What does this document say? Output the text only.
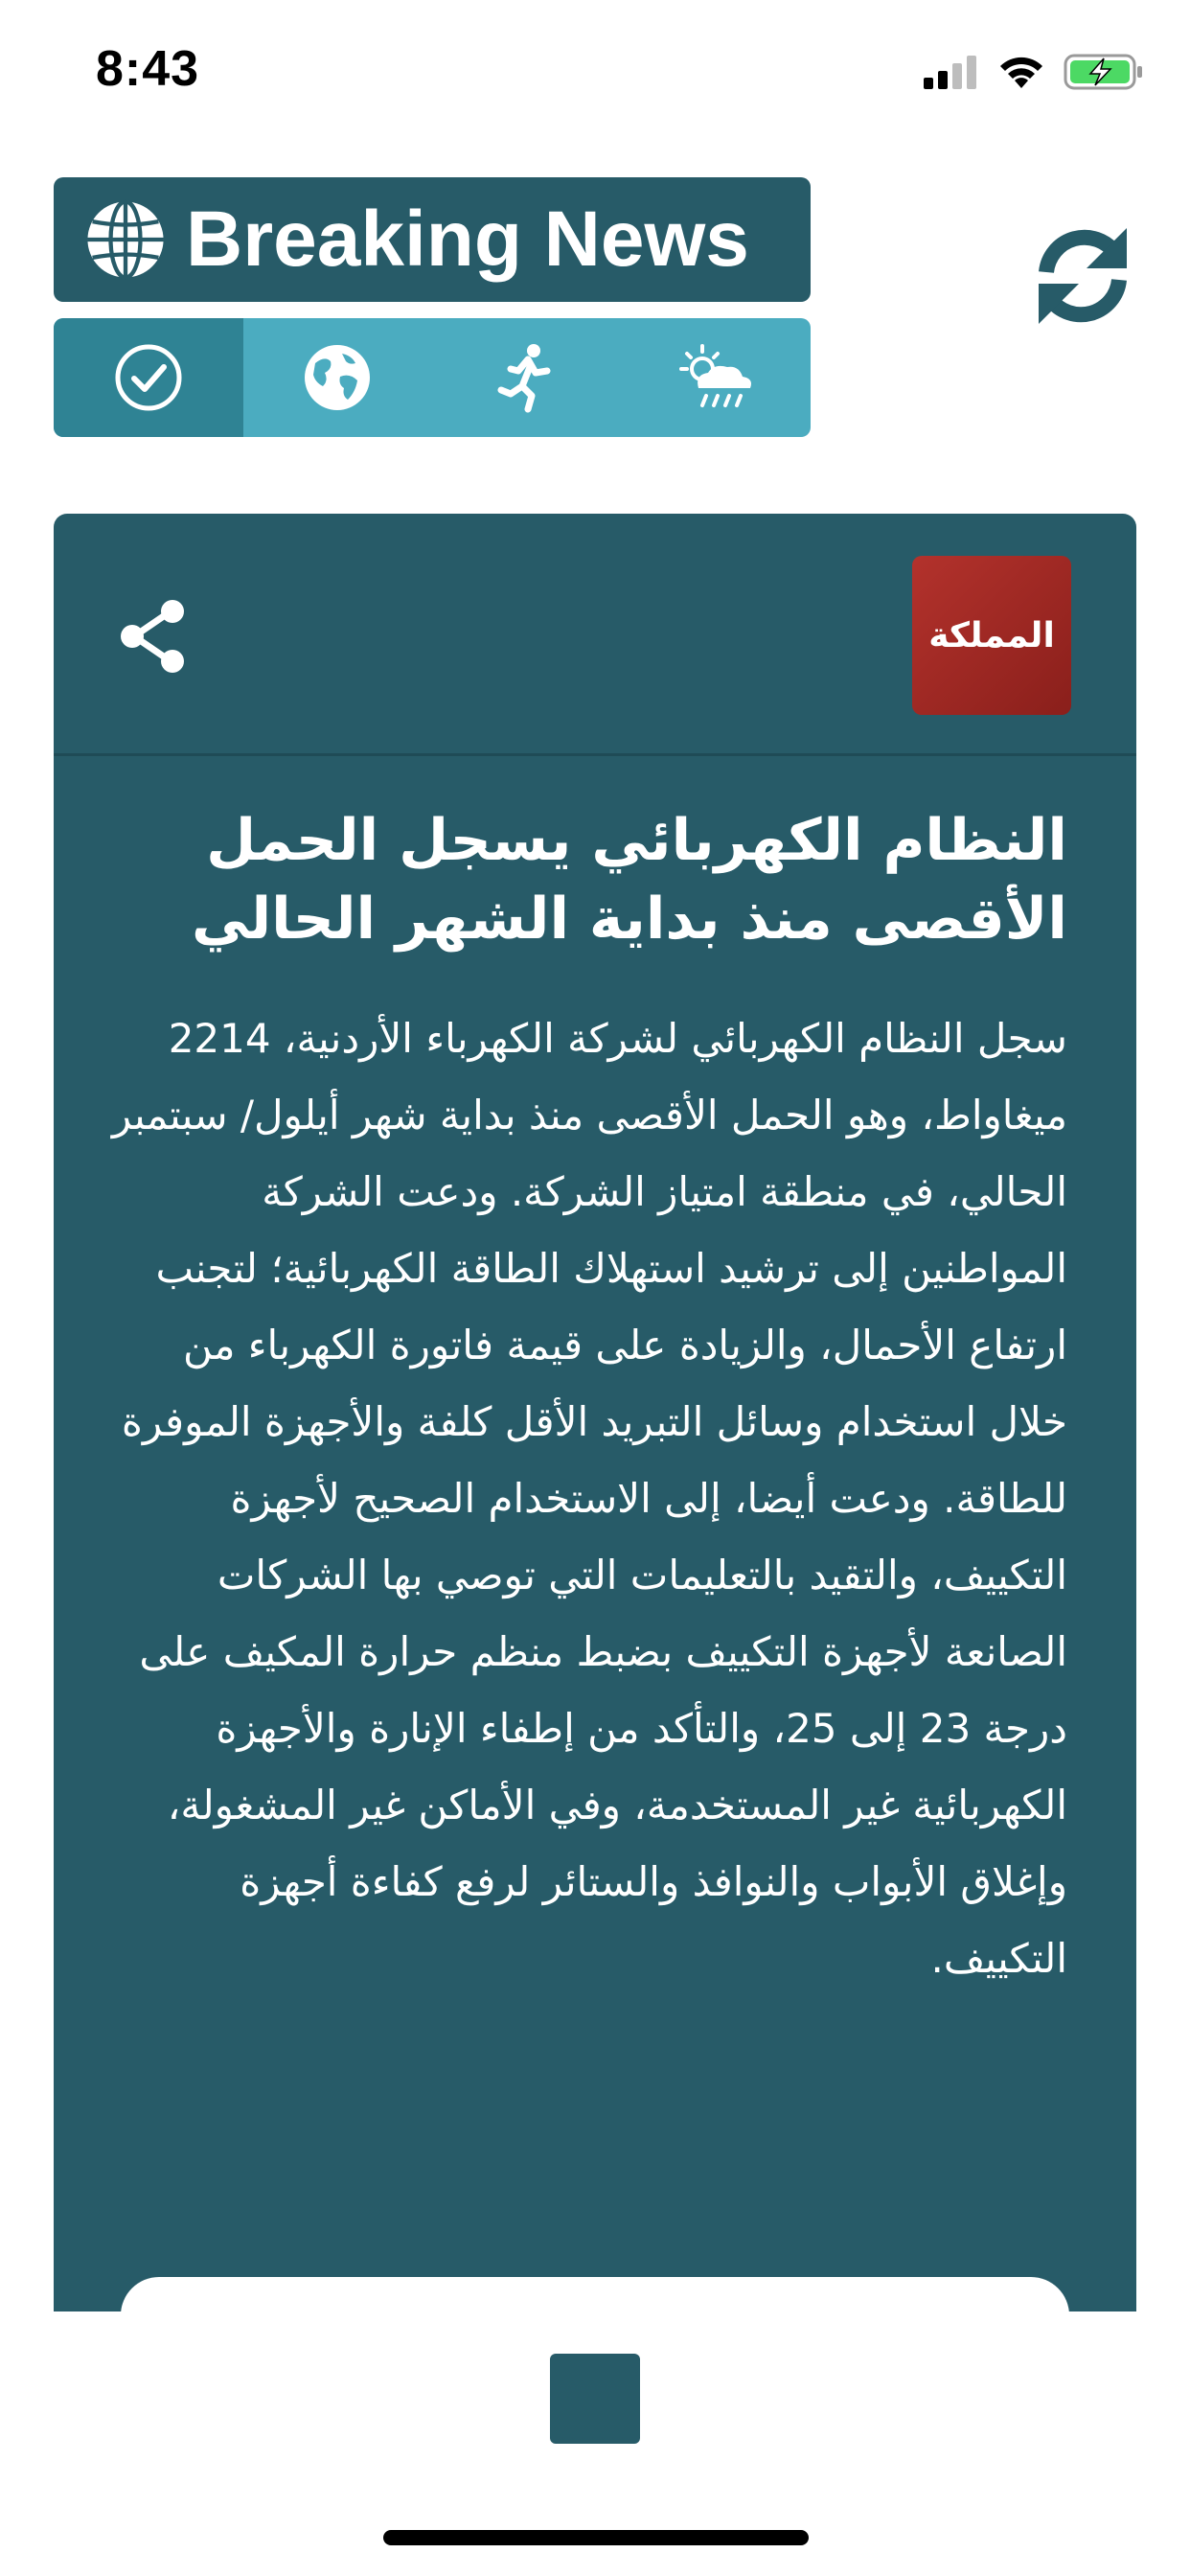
8:43
Breaking News
المملكة
النظام الكهربائي يسجل الحمل الأقصى منذ بداية الشهر الحالي

سجل النظام الكهربائي لشركة الكهرباء الأردنية، 2214 ميغاواط، وهو الحمل الأقصى منذ بداية شهر أيلول/ سبتمبر الحالي، في منطقة امتياز الشركة. ودعت الشركة المواطنين إلى ترشيد استهلاك الطاقة الكهربائية؛ لتجنب ارتفاع الأحمال، والزيادة على قيمة فاتورة الكهرباء من خلال استخدام وسائل التبريد الأقل كلفة والأجهزة الموفرة للطاقة. ودعت أيضا، إلى الاستخدام الصحيح لأجهزة التكييف، والتقيد بالتعليمات التي توصي بها الشركات الصانعة لأجهزة التكييف بضبط منظم حرارة المكيف على درجة 23 إلى 25، والتأكد من إطفاء الإنارة والأجهزة الكهربائية غير المستخدمة، وفي الأماكن غير المشغولة، وإغلاق الأبواب والنوافذ والستائر لرفع كفاءة أجهزة التكييف.
